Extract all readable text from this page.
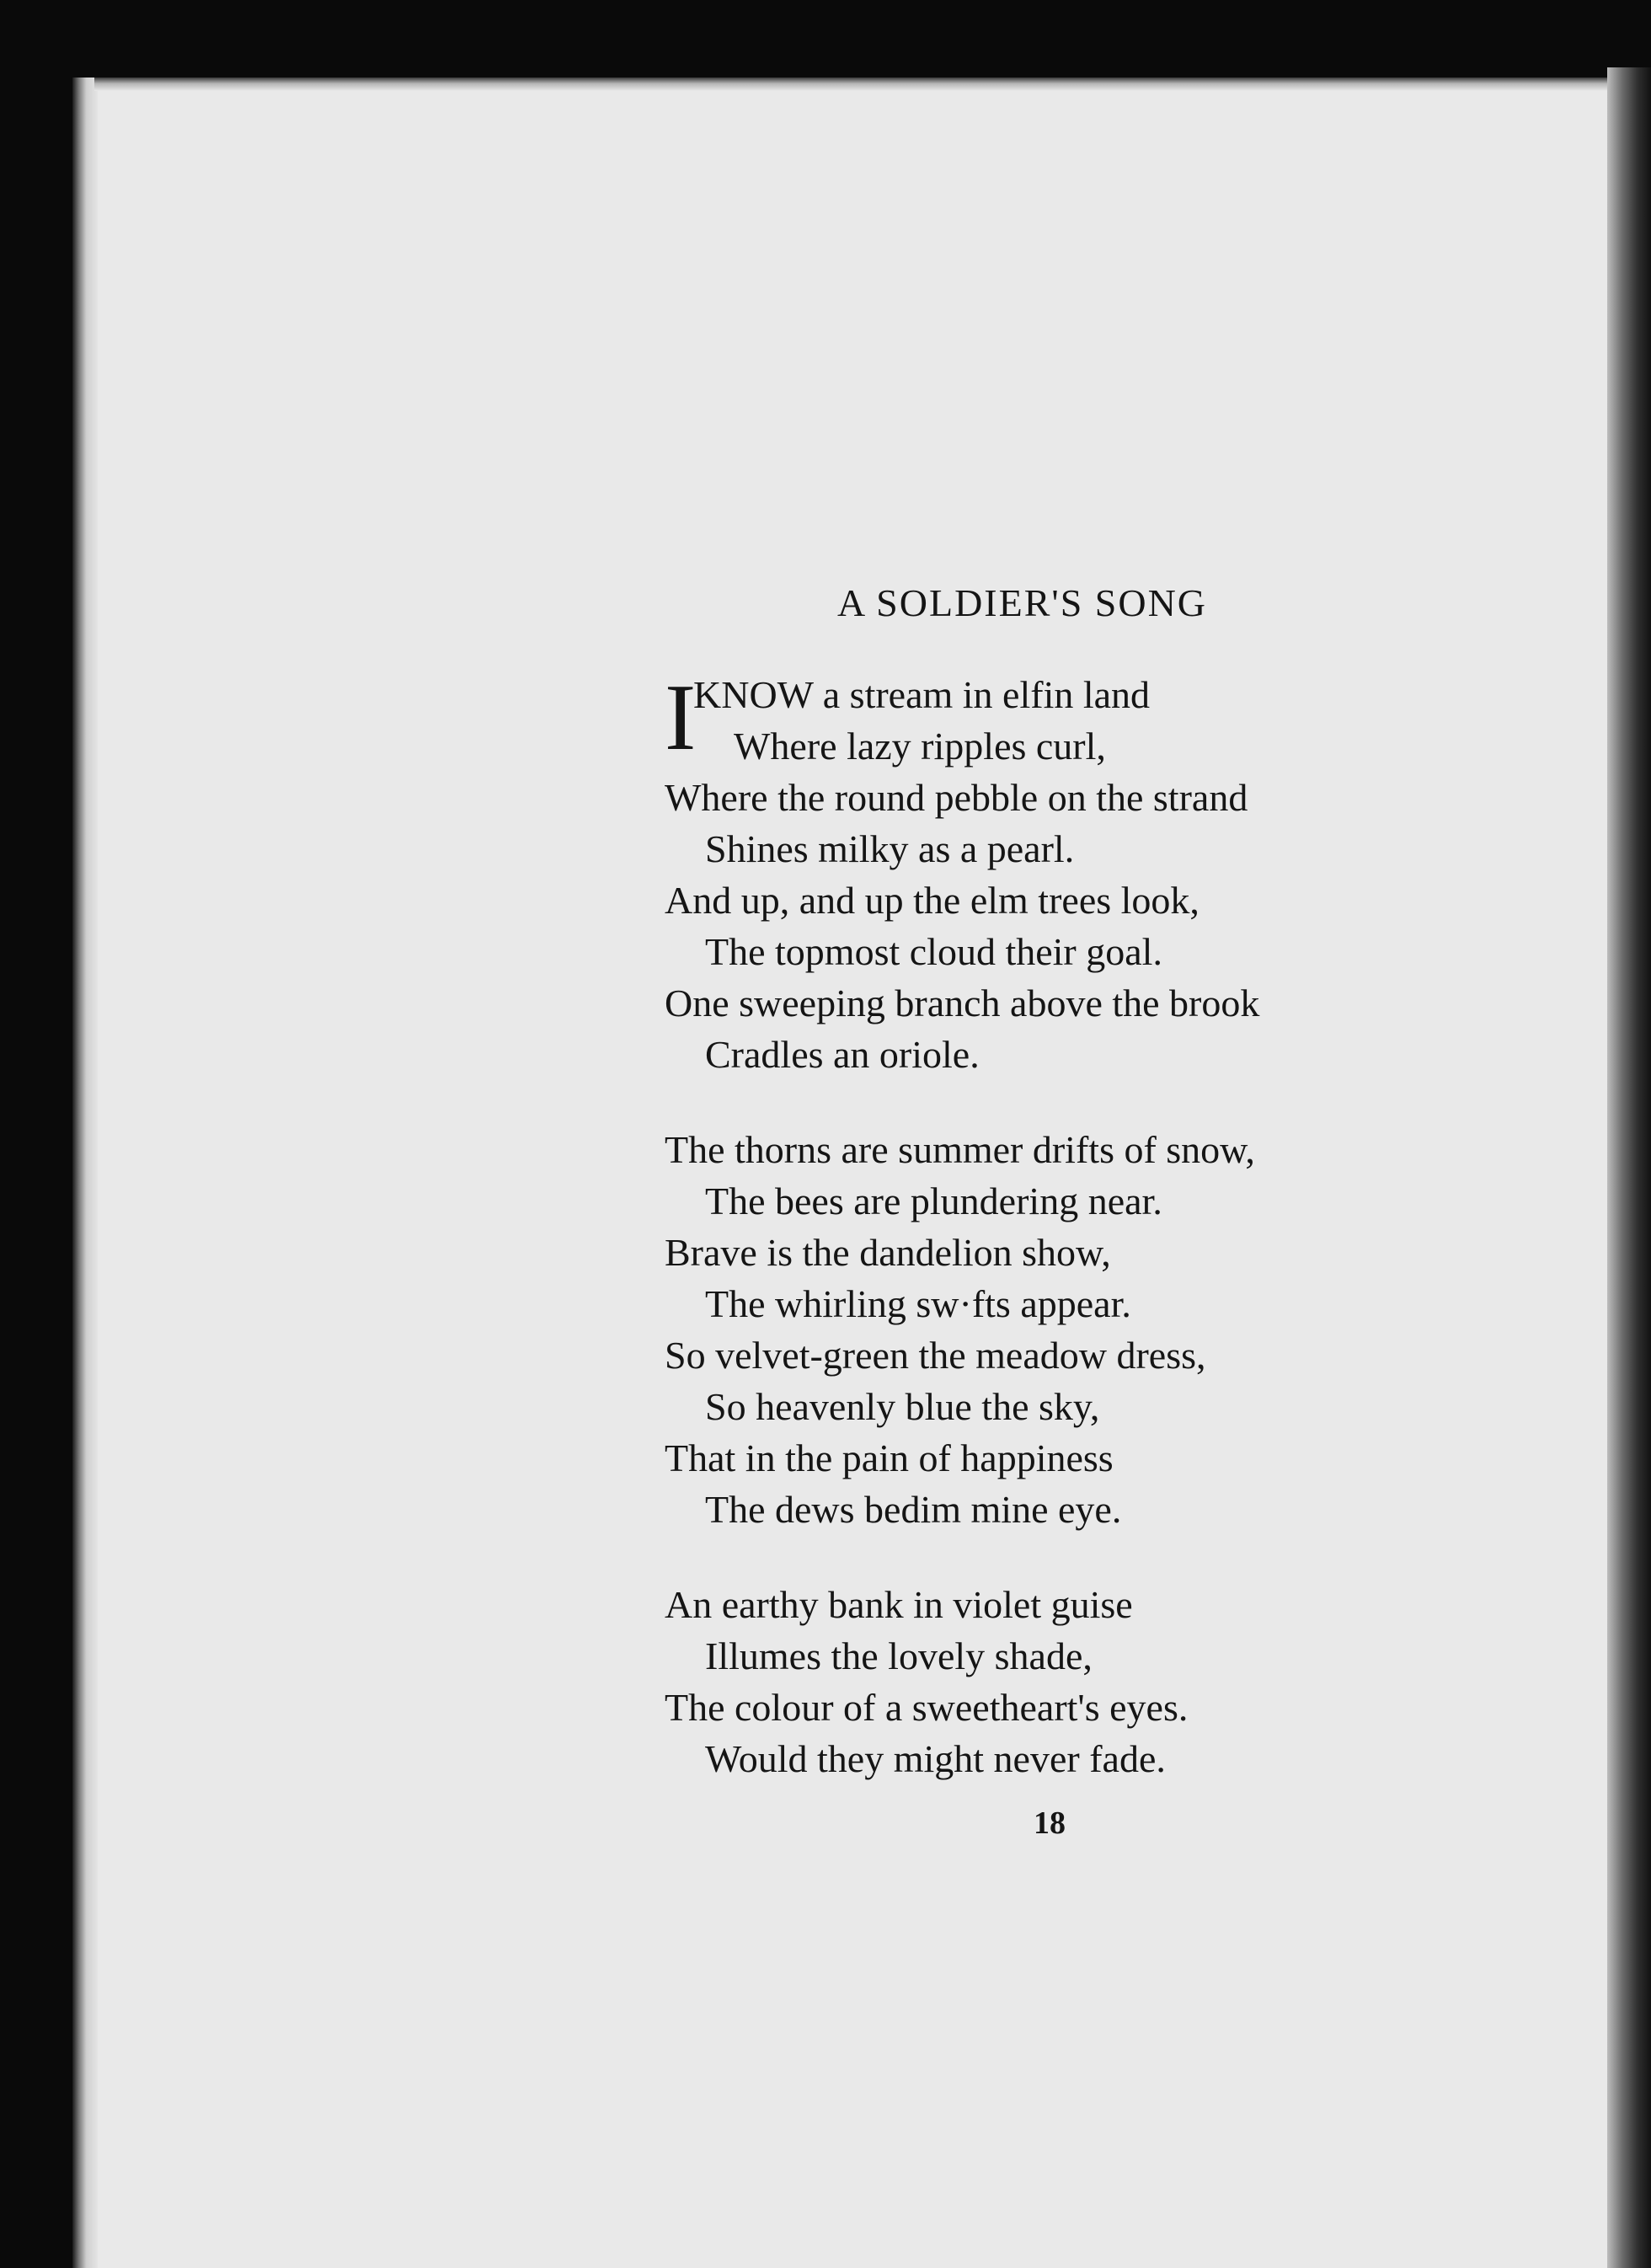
A SOLDIER'S SONG
I
KNOW a stream in elfin land
Where lazy ripples curl,
Where the round pebble on the strand
Shines milky as a pearl.
And up, and up the elm trees look,
The topmost cloud their goal.
One sweeping branch above the brook
Cradles an oriole.
The thorns are summer drifts of snow,
The bees are plundering near.
Brave is the dandelion show,
The whirling sw·fts appear.
So velvet-green the meadow dress,
So heavenly blue the sky,
That in the pain of happiness
The dews bedim mine eye.
An earthy bank in violet guise
Illumes the lovely shade,
The colour of a sweetheart's eyes.
Would they might never fade.
18
